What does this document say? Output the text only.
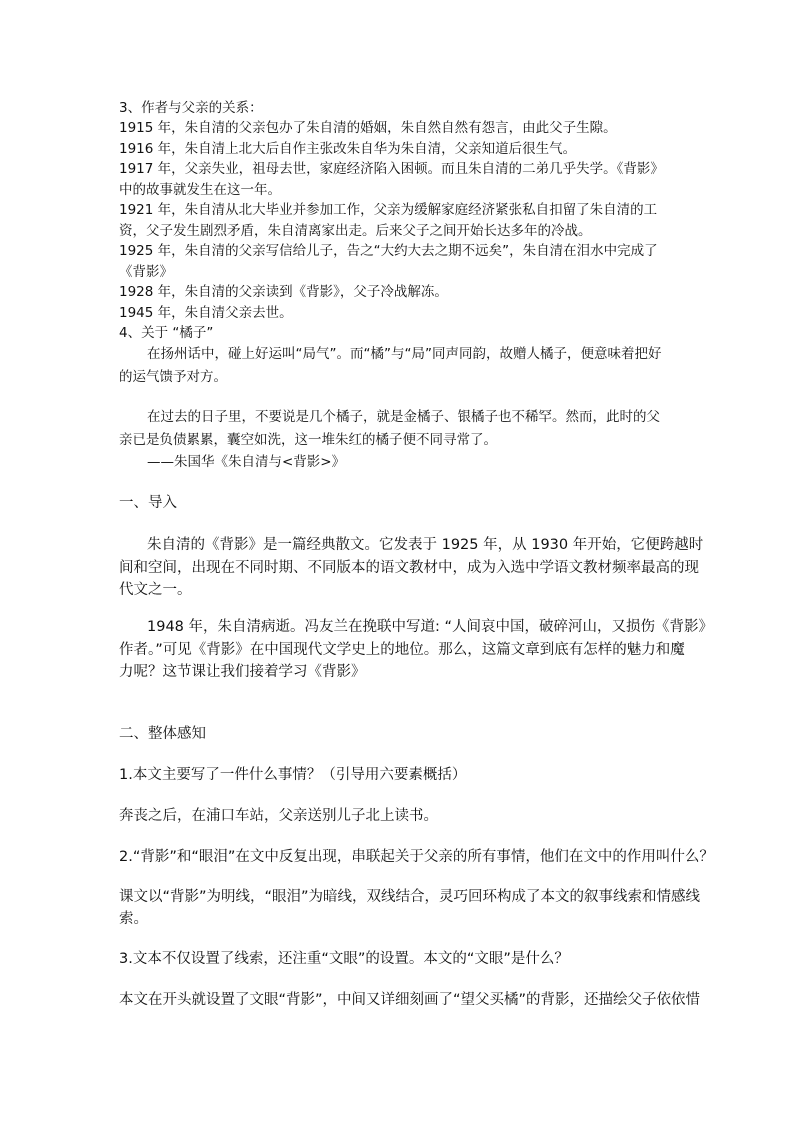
3、作者与父亲的关系：
1915 年，朱自清的父亲包办了朱自清的婚姻，朱自然自然有怨言，由此父子生隙。
1916 年，朱自清上北大后自作主张改朱自华为朱自清，父亲知道后很生气。
1917 年，父亲失业，祖母去世，家庭经济陷入困顿。而且朱自清的二弟几乎失学。《背影》
中的故事就发生在这一年。
1921 年，朱自清从北大毕业并参加工作，父亲为缓解家庭经济紧张私自扣留了朱自清的工
资，父子发生剧烈矛盾，朱自清离家出走。后来父子之间开始长达多年的冷战。
1925 年，朱自清的父亲写信给儿子，告之“大约大去之期不远矣”，朱自清在泪水中完成了
《背影》
1928 年，朱自清的父亲读到《背影》，父子冷战解冻。
1945 年，朱自清父亲去世。
4、关于 “橘子”
在扬州话中，碰上好运叫“局气”。而“橘”与“局”同声同韵，故赠人橘子，便意味着把好
的运气馈予对方。
在过去的日子里，不要说是几个橘子，就是金橘子、银橘子也不稀罕。然而，此时的父
亲已是负债累累，囊空如洗，这一堆朱红的橘子便不同寻常了。
——朱国华《朱自清与<背影>》
一、导入
朱自清的《背影》是一篇经典散文。它发表于 1925 年，从 1930 年开始，它便跨越时
间和空间，出现在不同时期、不同版本的语文教材中，成为入选中学语文教材频率最高的现
代文之一。
1948 年，朱自清病逝。冯友兰在挽联中写道: “人间哀中国，破碎河山，又损伤《背影》
作者。”可见《背影》在中国现代文学史上的地位。那么，这篇文章到底有怎样的魅力和魔
力呢？这节课让我们接着学习《背影》
二、整体感知
1.本文主要写了一件什么事情？（引导用六要素概括）
奔丧之后，在浦口车站，父亲送别儿子北上读书。
2.“背影”和“眼泪”在文中反复出现，串联起关于父亲的所有事情，他们在文中的作用叫什么？
课文以“背影”为明线，“眼泪”为暗线，双线结合，灵巧回环构成了本文的叙事线索和情感线
索。
3.文本不仅设置了线索，还注重“文眼”的设置。本文的“文眼”是什么？
本文在开头就设置了文眼“背影”，中间又详细刻画了“望父买橘”的背影，还描绘父子依依惜
